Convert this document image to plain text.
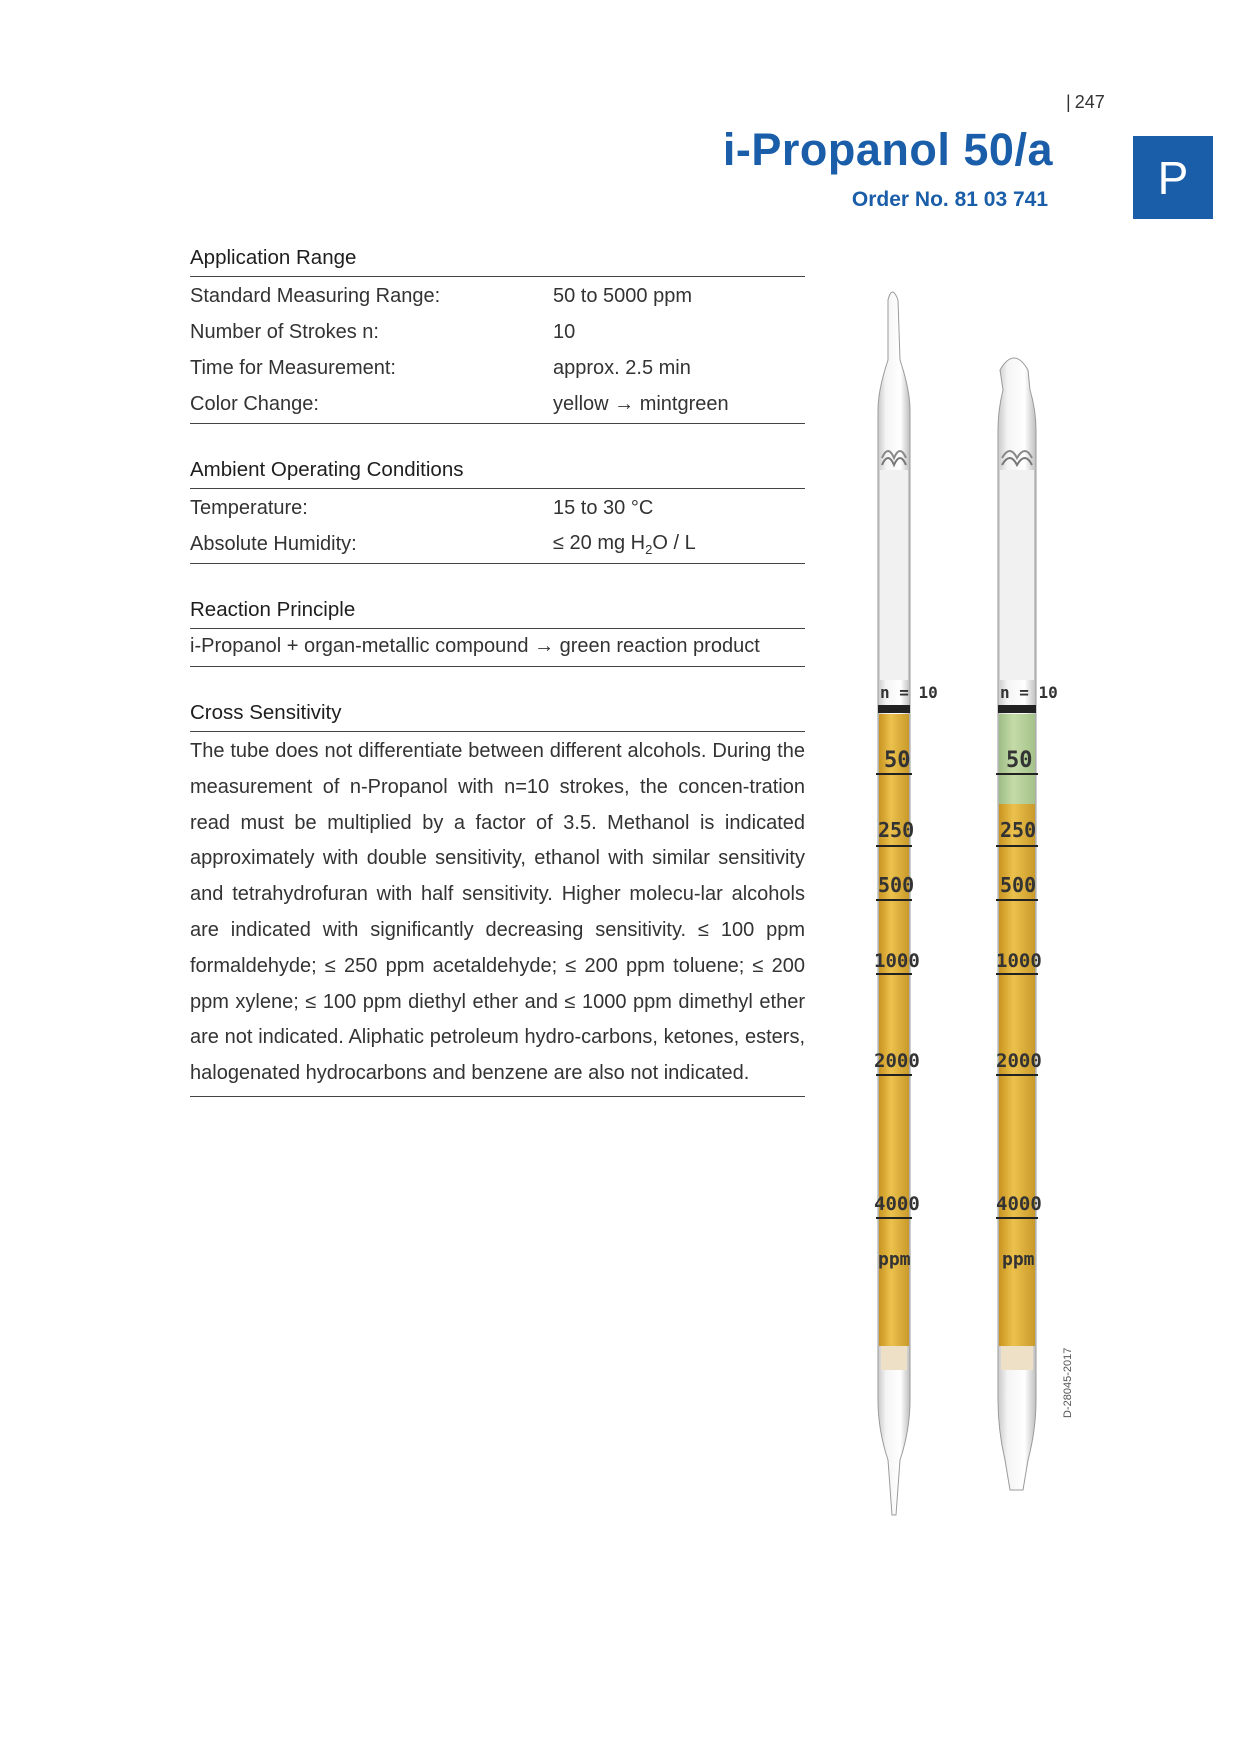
| 247
i-Propanol 50/a
Order No. 81 03 741	P
Application Range
Standard Measuring Range:	50 to 5000 ppm
Number of Strokes n:	10
Time for Measurement:	approx. 2.5 min
Color Change:	yellow → mintgreen
Ambient Operating Conditions
Temperature:	15 to 30 °C
Absolute Humidity:	≤ 20 mg $H_2O$ / L
Reaction Principle
i-Propanol + organ-metallic compound → green reaction product
Cross Sensitivity
The tube does not differentiate between different alcohols. During the measurement of n-Propanol with n=10 strokes, the concen-tration read must be multiplied by a factor of 3.5. Methanol is indicated approximately with double sensitivity, ethanol with similar sensitivity and tetrahydrofuran with half sensitivity. Higher molecu-lar alcohols are indicated with significantly decreasing sensitivity. ≤ 100 ppm formaldehyde; ≤ 250 ppm acetaldehyde; ≤ 200 ppm toluene; ≤ 200 ppm xylene; ≤ 100 ppm diethyl ether and ≤ 1000 ppm dimethyl ether are not indicated. Aliphatic petroleum hydro-carbons, ketones, esters, halogenated hydrocarbons and benzene are also not indicated.
n = 10
50
250
500
1000
2000
4000
ppm
n = 10
50
250
500
1000
2000
4000
ppm
D-28045-2017
